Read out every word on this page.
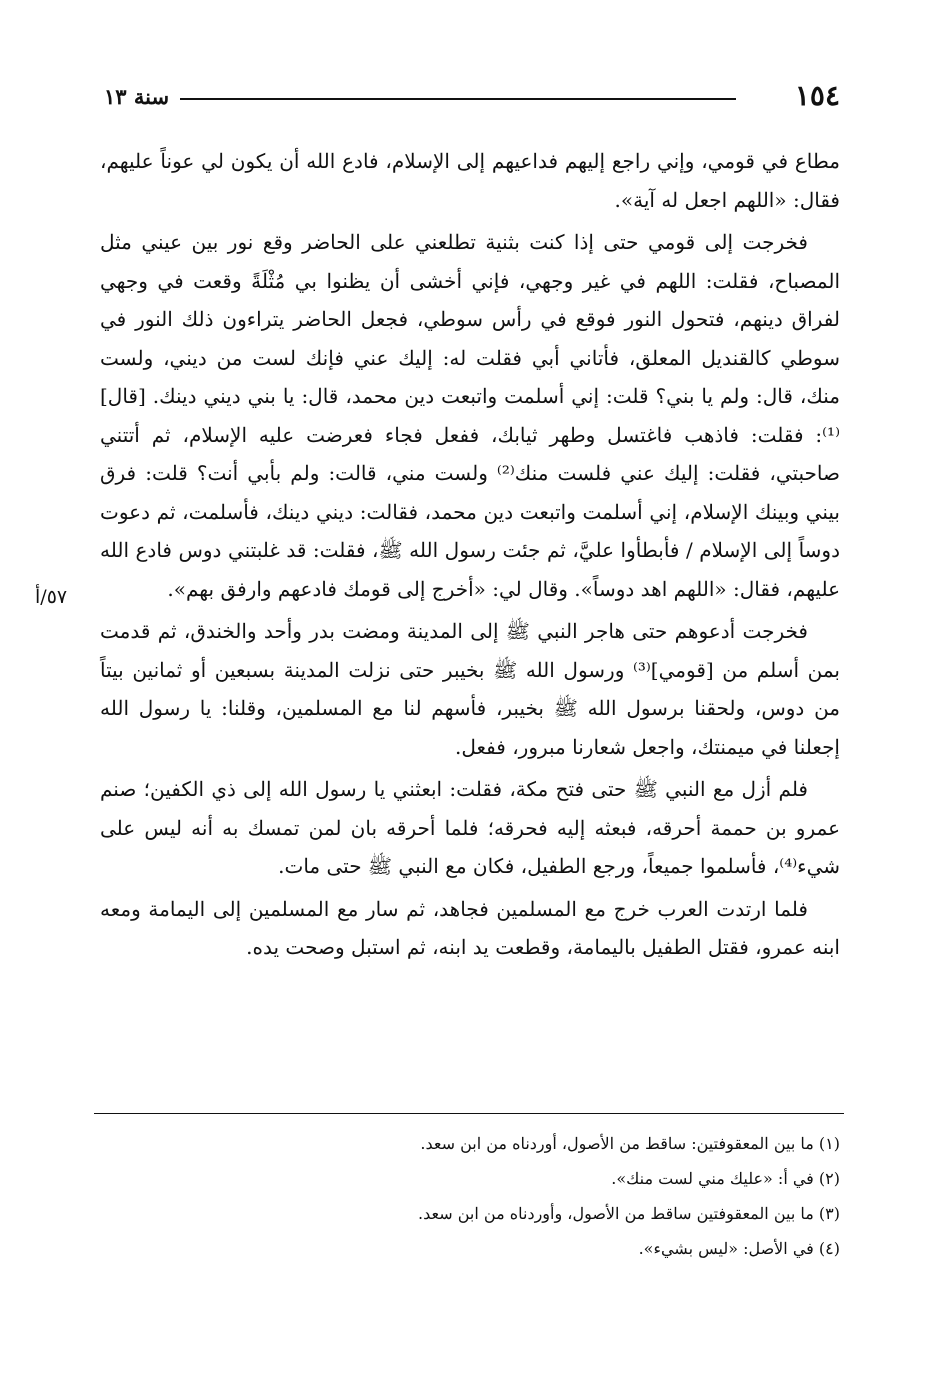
١٥٤
سنة ١٣
٥٧/أ

مطاع في قومي، وإني راجع إليهم فداعيهم إلى الإسلام، فادع الله أن يكون لي عوناً عليهم، فقال: «اللهم اجعل له آية».

فخرجت إلى قومي حتى إذا كنت بثنية تطلعني على الحاضر وقع نور بين عيني مثل المصباح، فقلت: اللهم في غير وجهي، فإني أخشى أن يظنوا بي مُثْلَةً وقعت في وجهي لفراق دينهم، فتحول النور فوقع في رأس سوطي، فجعل الحاضر يتراءون ذلك النور في سوطي كالقنديل المعلق، فأتاني أبي فقلت له: إليك عني فإنك لست من ديني، ولست منك، قال: ولم يا بني؟ قلت: إني أسلمت واتبعت دين محمد، قال: يا بني ديني دينك. [قال]⁽¹⁾: فقلت: فاذهب فاغتسل وطهر ثيابك، ففعل فجاء فعرضت عليه الإسلام، ثم أتتني صاحبتي، فقلت: إليك عني فلست منك⁽²⁾ ولست مني، قالت: ولم بأبي أنت؟ قلت: فرق بيني وبينك الإسلام، إني أسلمت واتبعت دين محمد، فقالت: ديني دينك، فأسلمت، ثم دعوت دوساً إلى الإسلام / فأبطأوا عليَّ، ثم جئت رسول الله ﷺ، فقلت: قد غلبتني دوس فادع الله عليهم، فقال: «اللهم اهد دوساً». وقال لي: «أخرج إلى قومك فادعهم وارفق بهم».

فخرجت أدعوهم حتى هاجر النبي ﷺ إلى المدينة ومضت بدر وأحد والخندق، ثم قدمت بمن أسلم من [قومي]⁽³⁾ ورسول الله ﷺ بخيبر حتى نزلت المدينة بسبعين أو ثمانين بيتاً من دوس، ولحقنا برسول الله ﷺ بخيبر، فأسهم لنا مع المسلمين، وقلنا: يا رسول الله إجعلنا في ميمنتك، واجعل شعارنا مبرور، ففعل.

فلم أزل مع النبي ﷺ حتى فتح مكة، فقلت: ابعثني يا رسول الله إلى ذي الكفين؛ صنم عمرو بن حممة أحرقه، فبعثه إليه فحرقه؛ فلما أحرقه بان لمن تمسك به أنه ليس على شيء⁽⁴⁾، فأسلموا جميعاً، ورجع الطفيل، فكان مع النبي ﷺ حتى مات.

فلما ارتدت العرب خرج مع المسلمين فجاهد، ثم سار مع المسلمين إلى اليمامة ومعه ابنه عمرو، فقتل الطفيل باليمامة، وقطعت يد ابنه، ثم استبل وصحت يده.

(١) ما بين المعقوفتين: ساقط من الأصول، أوردناه من ابن سعد.

(٢) في أ: «عليك مني لست منك».

(٣) ما بين المعقوفتين ساقط من الأصول، وأوردناه من ابن سعد.

(٤) في الأصل: «ليس بشيء».
